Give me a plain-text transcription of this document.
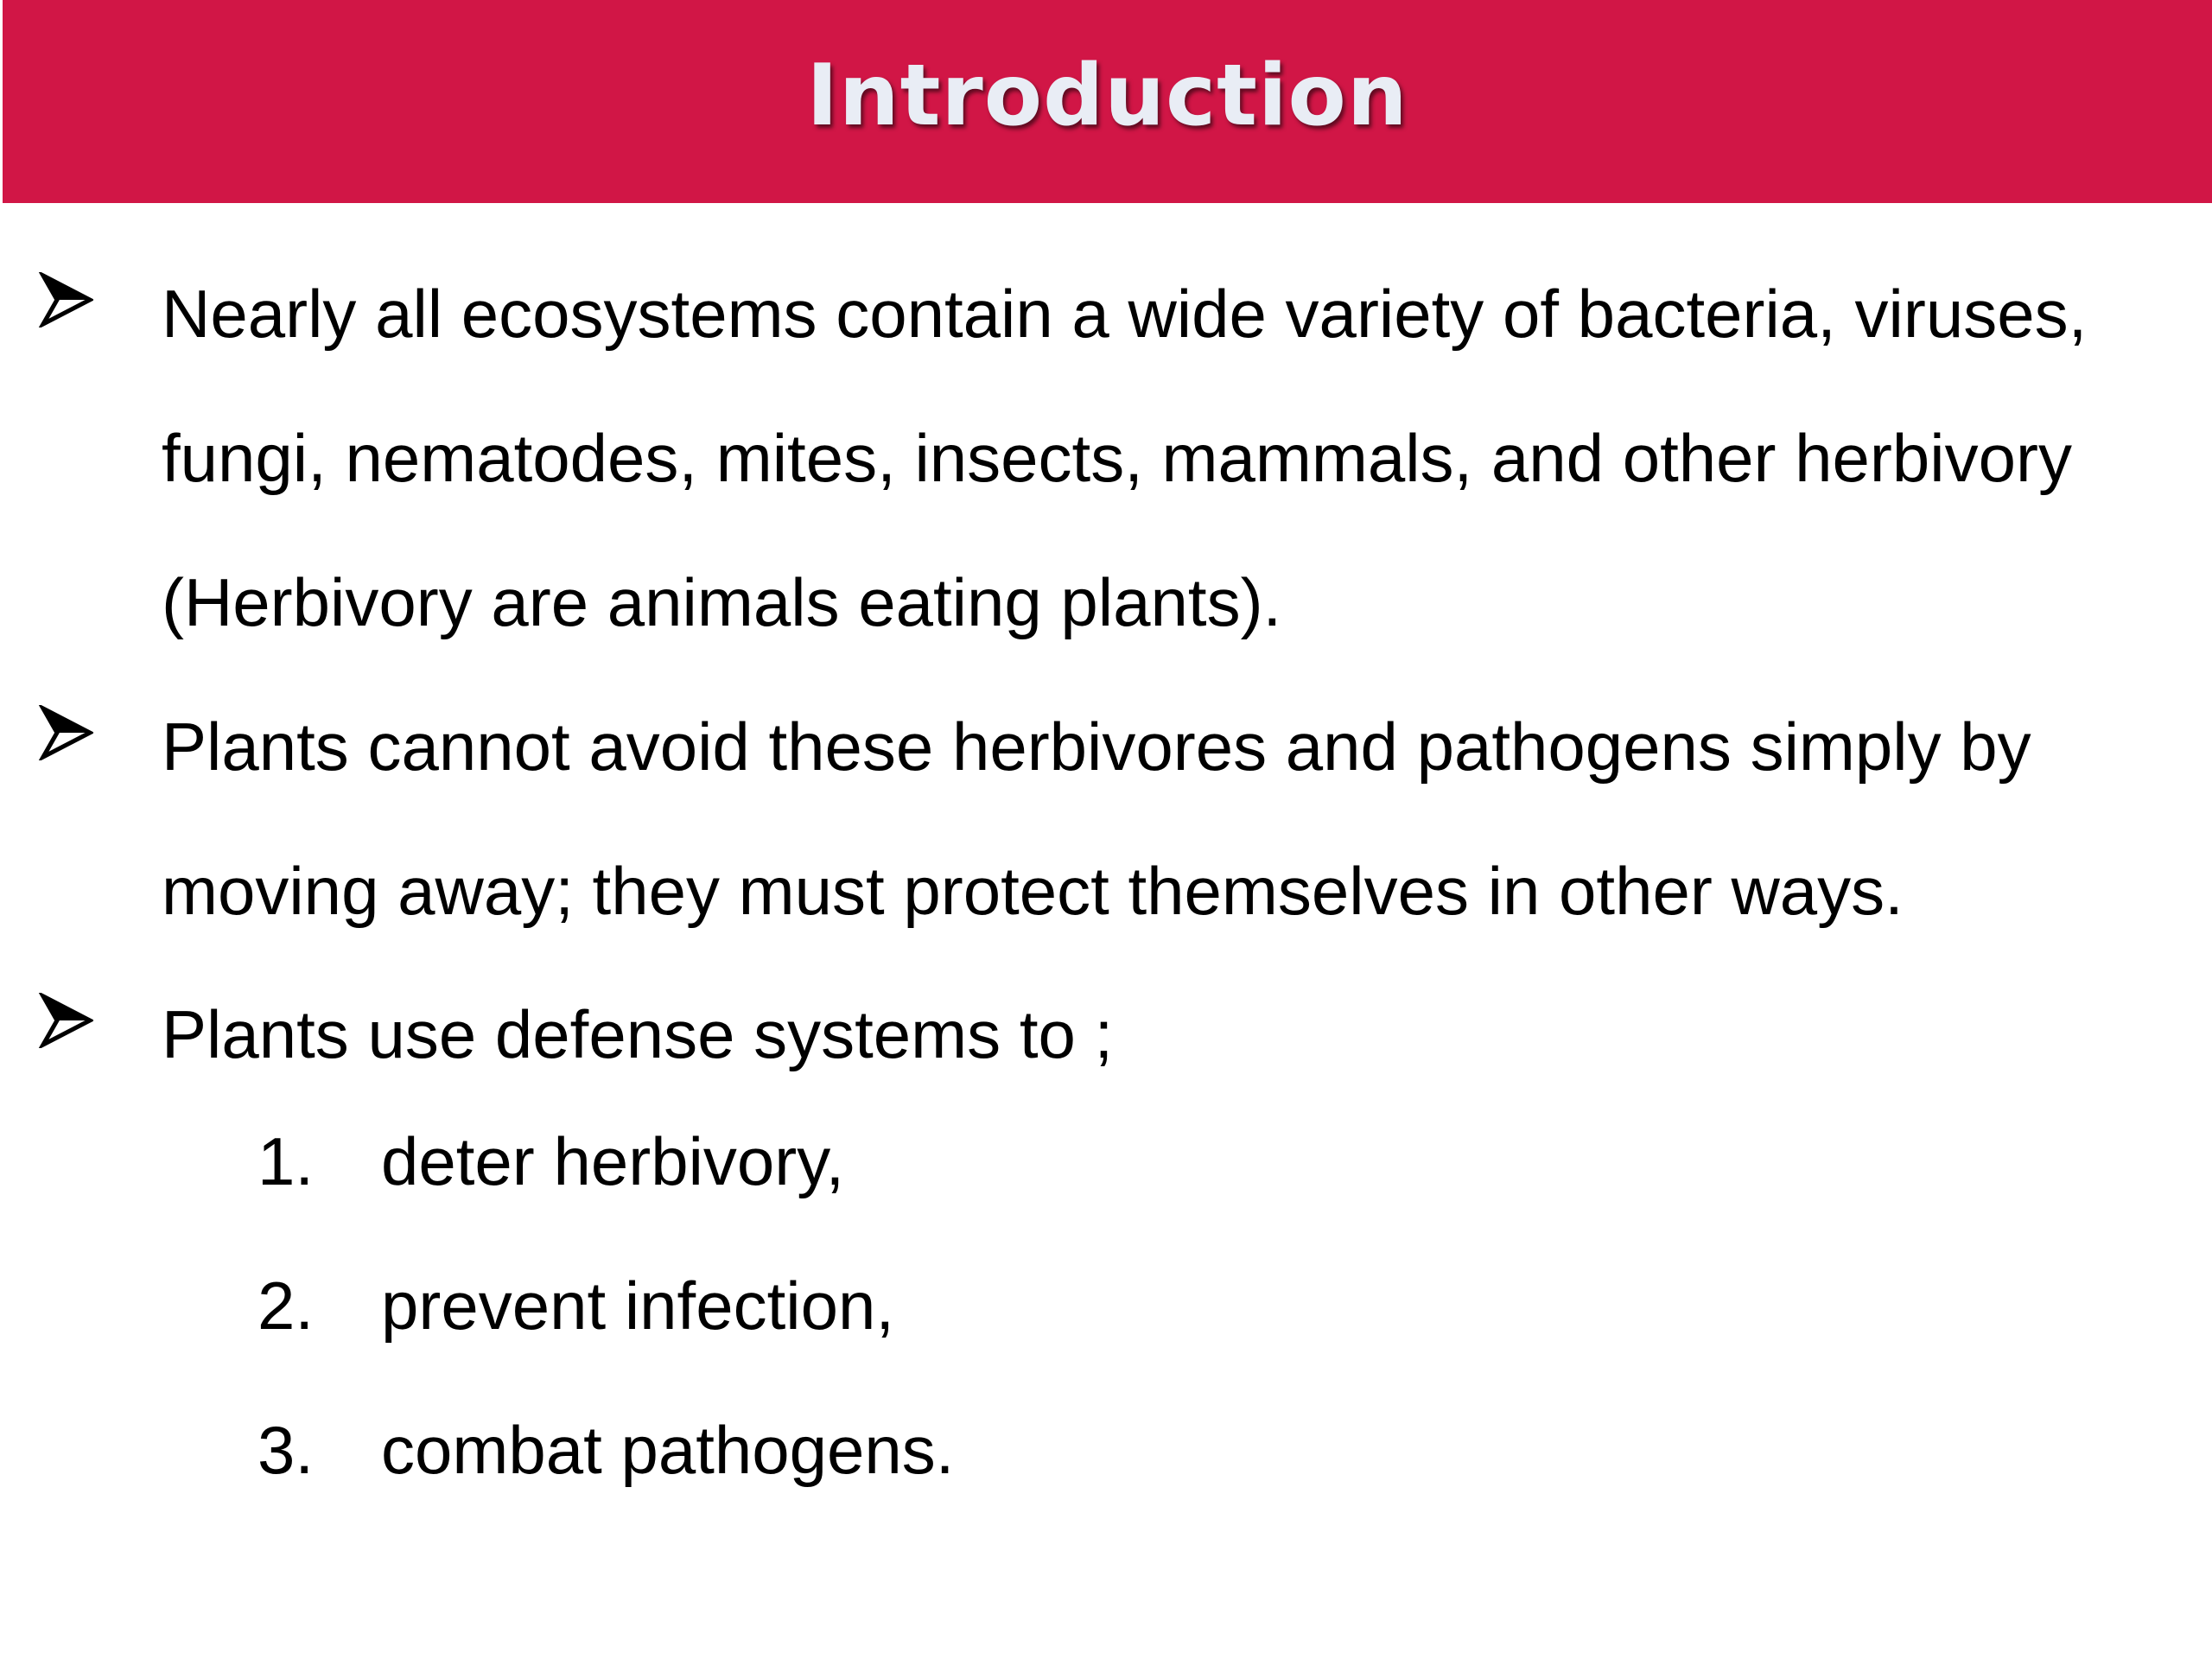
Introduction
Nearly all ecosystems contain a wide variety of bacteria, viruses, fungi, nematodes, mites, insects, mammals, and other herbivory (Herbivory are animals eating plants).
Plants cannot avoid these herbivores and pathogens simply by moving away; they must protect themselves in other ways.
Plants use defense systems to ;
1. deter herbivory,
2. prevent infection,
3. combat pathogens.
